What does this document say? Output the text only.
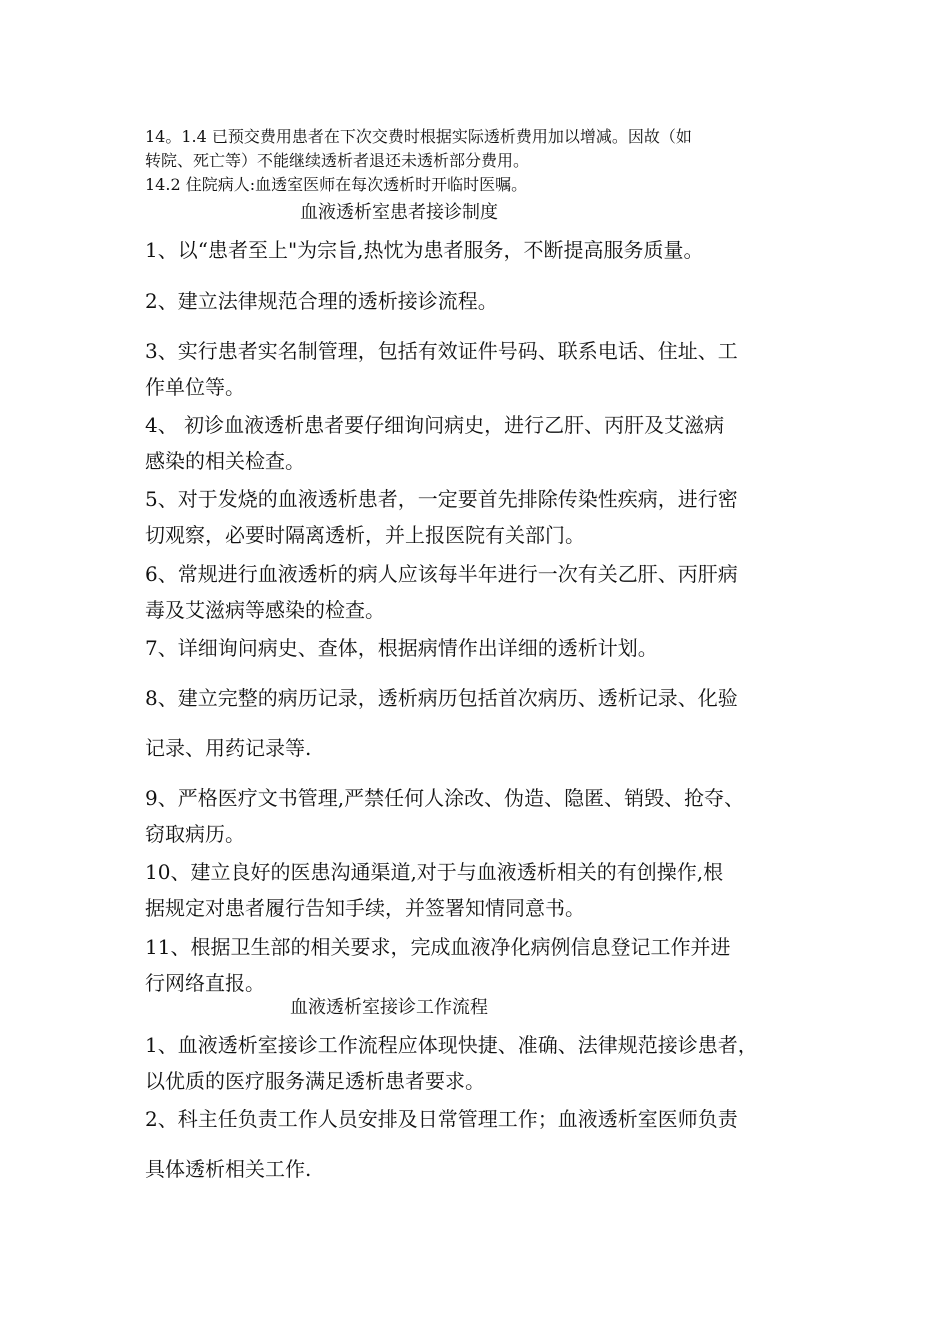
14。1.4 已预交费用患者在下次交费时根据实际透析费用加以增减。因故（如

转院、死亡等）不能继续透析者退还未透析部分费用。

14.2 住院病人:血透室医师在每次透析时开临时医嘱。

血液透析室患者接诊制度

1、以“患者至上"为宗旨,热忱为患者服务，不断提高服务质量。

2、建立法律规范合理的透析接诊流程。

3、实行患者实名制管理，包括有效证件号码、联系电话、住址、工

作单位等。

4、 初诊血液透析患者要仔细询问病史，进行乙肝、丙肝及艾滋病

感染的相关检查。

5、对于发烧的血液透析患者，一定要首先排除传染性疾病，进行密

切观察，必要时隔离透析，并上报医院有关部门。

6、常规进行血液透析的病人应该每半年进行一次有关乙肝、丙肝病

毒及艾滋病等感染的检查。

7、详细询问病史、查体，根据病情作出详细的透析计划。

8、建立完整的病历记录，透析病历包括首次病历、透析记录、化验

记录、用药记录等.

9、严格医疗文书管理,严禁任何人涂改、伪造、隐匿、销毁、抢夺、

窃取病历。

10、建立良好的医患沟通渠道,对于与血液透析相关的有创操作,根

据规定对患者履行告知手续，并签署知情同意书。

11、根据卫生部的相关要求，完成血液净化病例信息登记工作并进

行网络直报。

血液透析室接诊工作流程

1、血液透析室接诊工作流程应体现快捷、准确、法律规范接诊患者，

以优质的医疗服务满足透析患者要求。

2、科主任负责工作人员安排及日常管理工作；血液透析室医师负责

具体透析相关工作.
